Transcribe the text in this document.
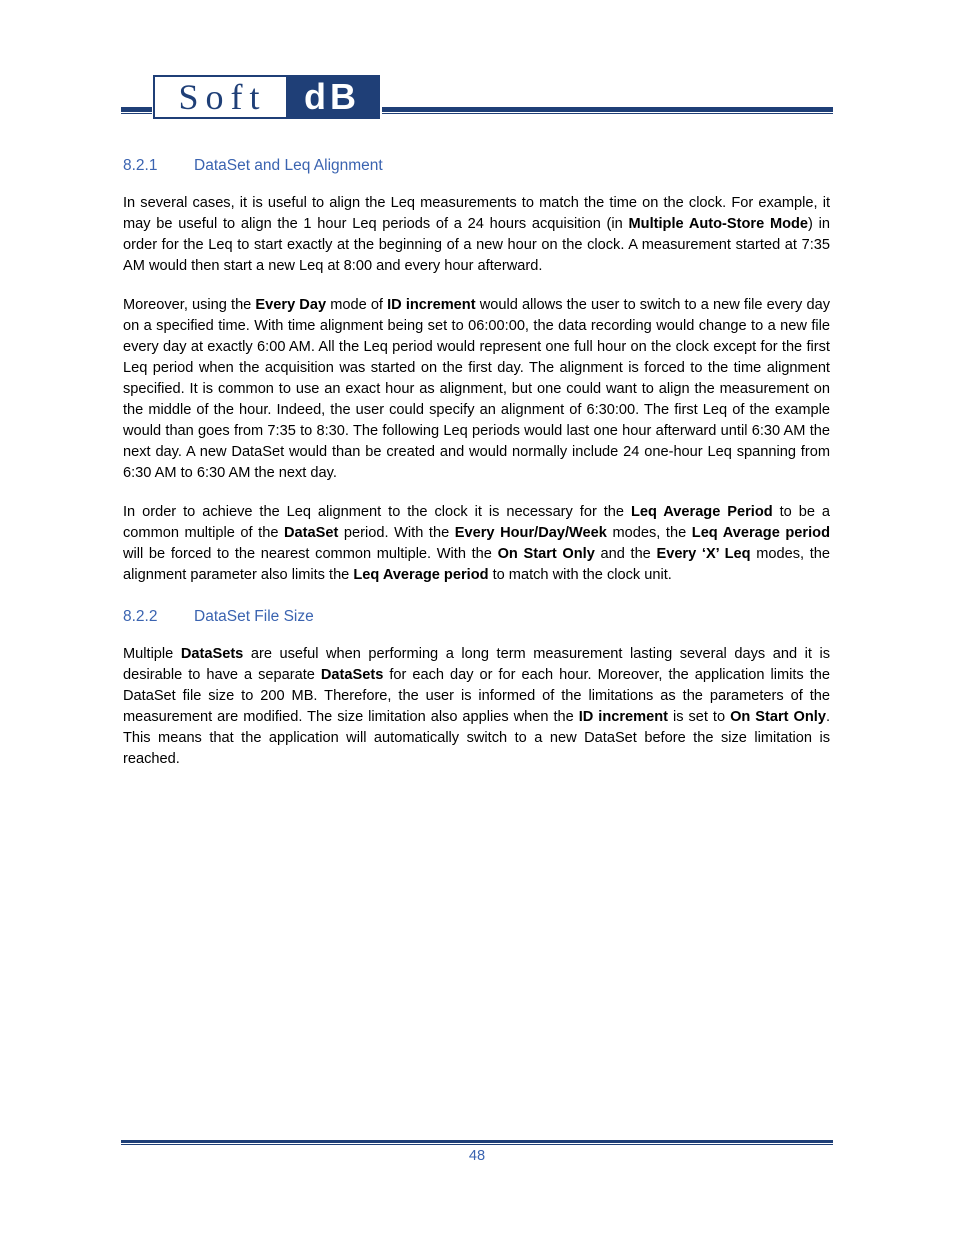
Soft	dB
8.2.1 DataSet and Leq Alignment

In several cases, it is useful to align the Leq measurements to match the time on the clock. For example, it may be useful to align the 1 hour Leq periods of a 24 hours acquisition (in Multiple Auto-Store Mode) in order for the Leq to start exactly at the beginning of a new hour on the clock. A measurement started at 7:35 AM would then start a new Leq at 8:00 and every hour afterward.

Moreover, using the Every Day mode of ID increment would allows the user to switch to a new file every day on a specified time. With time alignment being set to 06:00:00, the data recording would change to a new file every day at exactly 6:00 AM. All the Leq period would represent one full hour on the clock except for the first Leq period when the acquisition was started on the first day. The alignment is forced to the time alignment specified. It is common to use an exact hour as alignment, but one could want to align the measurement on the middle of the hour. Indeed, the user could specify an alignment of 6:30:00. The first Leq of the example would than goes from 7:35 to 8:30. The following Leq periods would last one hour afterward until 6:30 AM the next day. A new DataSet would than be created and would normally include 24 one-hour Leq spanning from 6:30 AM to 6:30 AM the next day.

In order to achieve the Leq alignment to the clock it is necessary for the Leq Average Period to be a common multiple of the DataSet period. With the Every Hour/Day/Week modes, the Leq Average period will be forced to the nearest common multiple. With the On Start Only and the Every ‘X’ Leq modes, the alignment parameter also limits the Leq Average period to match with the clock unit.

8.2.2 DataSet File Size

Multiple DataSets are useful when performing a long term measurement lasting several days and it is desirable to have a separate DataSets for each day or for each hour. Moreover, the application limits the DataSet file size to 200 MB. Therefore, the user is informed of the limitations as the parameters of the measurement are modified. The size limitation also applies when the ID increment is set to On Start Only. This means that the application will automatically switch to a new DataSet before the size limitation is reached.

48
